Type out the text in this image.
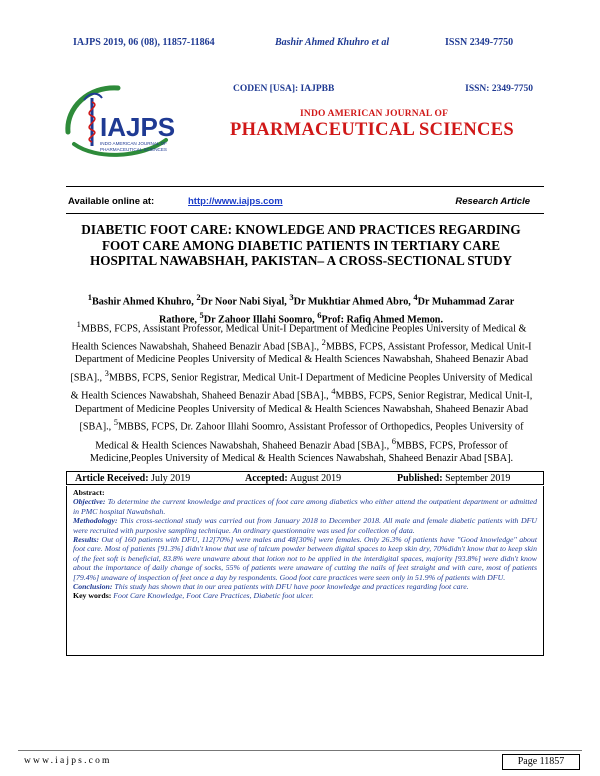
IAJPS 2019, 06 (08), 11857-11864	Bashir Ahmed Khuhro et al	ISSN 2349-7750
IAJPS
INDO AMERICAN JOURNAL OF
PHARMACEUTICAL SCIENCES
CODEN [USA]: IAJPBB	ISSN: 2349-7750
INDO AMERICAN JOURNAL OF
PHARMACEUTICAL SCIENCES
Available online at:	http://www.iajps.com	Research Article
DIABETIC FOOT CARE: KNOWLEDGE AND PRACTICES REGARDING FOOT CARE AMONG DIABETIC PATIENTS IN TERTIARY CARE HOSPITAL NAWABSHAH, PAKISTAN– A CROSS-SECTIONAL STUDY
$^1$Bashir Ahmed Khuhro, $^2$Dr Noor Nabi Siyal, $^3$Dr Mukhtiar Ahmed Abro, $^4$Dr Muhammad Zarar Rathore, $^5$Dr Zahoor Illahi Soomro, $^6$Prof: Rafiq Ahmed Memon.
$^1$MBBS, FCPS, Assistant Professor, Medical Unit-I Department of Medicine Peoples University of Medical & Health Sciences Nawabshah, Shaheed Benazir Abad [SBA]., $^2$MBBS, FCPS, Assistant Professor, Medical Unit-I Department of Medicine Peoples University of Medical & Health Sciences Nawabshah, Shaheed Benazir Abad [SBA]., $^3$MBBS, FCPS, Senior Registrar, Medical Unit-I Department of Medicine Peoples University of Medical & Health Sciences Nawabshah, Shaheed Benazir Abad [SBA]., $^4$MBBS, FCPS, Senior Registrar, Medical Unit-I, Department of Medicine Peoples University of Medical & Health Sciences Nawabshah, Shaheed Benazir Abad [SBA]., $^5$MBBS, FCPS, Dr. Zahoor Illahi Soomro, Assistant Professor of Orthopedics, Peoples University of Medical & Health Sciences Nawabshah, Shaheed Benazir Abad [SBA]., $^6$MBBS, FCPS, Professor of Medicine,Peoples University of Medical & Health Sciences Nawabshah, Shaheed Benazir Abad [SBA].
Article Received: July 2019	Accepted: August 2019	Published: September 2019

Abstract:

Objective: To determine the current knowledge and practices of foot care among diabetics who either attend the outpatient department or admitted in PMC hospital Nawabshah.

Methodology: This cross-sectional study was carried out from January 2018 to December 2018. All male and female diabetic patients with DFU were recruited with purposive sampling technique. An ordinary questionnaire was used for collection of data.

Results: Out of 160 patients with DFU, 112[70%] were males and 48[30%] were females. Only 26.3% of patients have "Good knowledge" about foot care. Most of patients [91.3%] didn't know that use of talcum powder between digital spaces to keep skin dry, 70%didn't know that to keep skin of the feet soft is beneficial, 83.8% were unaware about that lotion not to be applied in the interdigital spaces, majority [93.8%] were didn't know about the importance of daily change of socks, 55% of patients were unaware of cutting the nails of feet straight and with care, most of patients [79.4%] unaware of inspection of feet once a day by respondents. Good foot care practices were seen only in 51.9% of patients with DFU.

Conclusion: This study has shown that in our area patients with DFU have poor knowledge and practices regarding foot care.

Key words: Foot Care Knowledge, Foot Care Practices, Diabetic foot ulcer.

www.iajps.com	Page 11857
